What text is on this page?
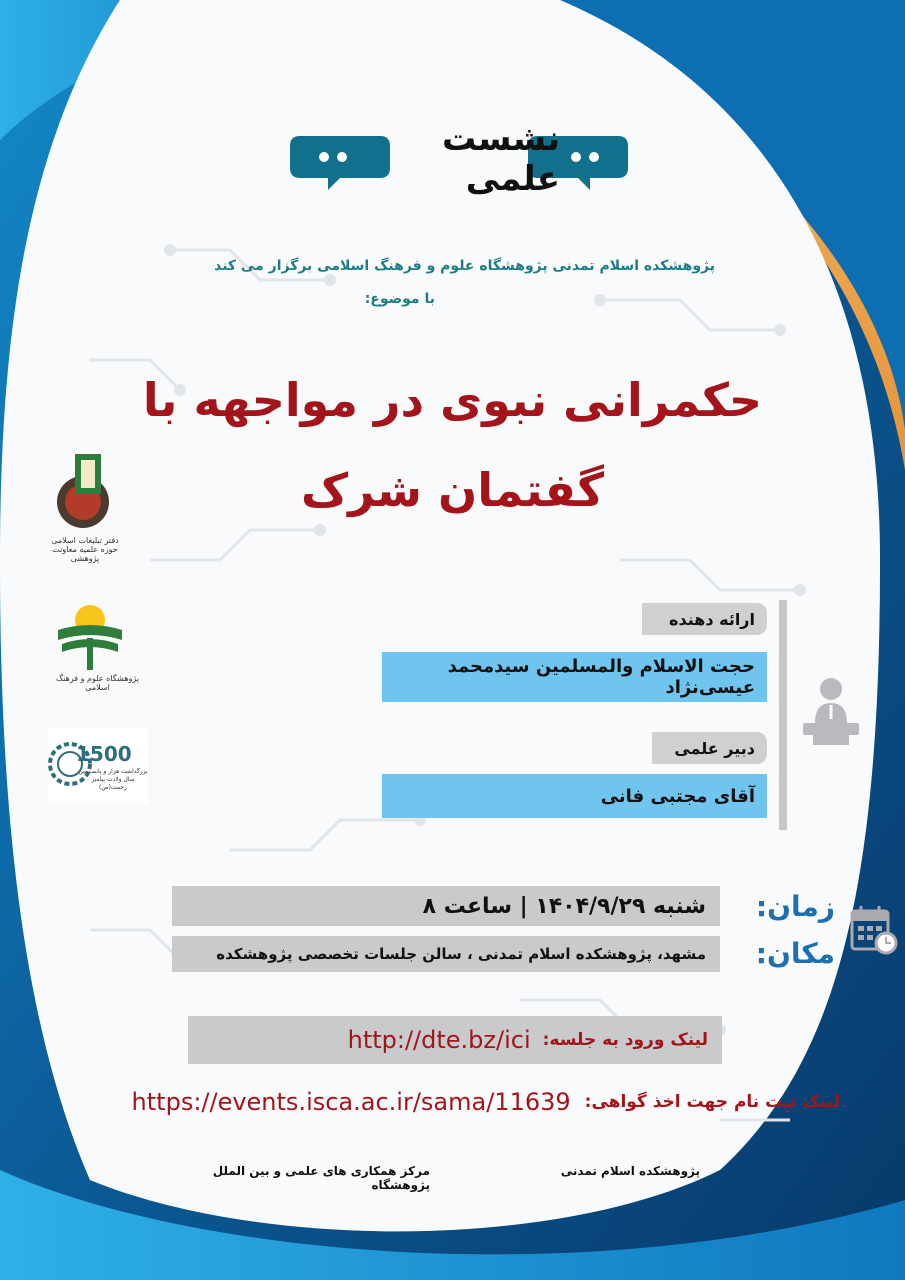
نشست علمی
پژوهشکده اسلام تمدنی پژوهشگاه علوم و فرهنگ اسلامی برگزار می کند
با موضوع:
حکمرانی نبوی در مواجهه با
گفتمان شرک
دفتر تبلیغات اسلامی حوزه علمیه معاونت پژوهشی
پژوهشگاه علوم و فرهنگ اسلامی
1500
بزرگداشت هزار و پانصدمین سال ولادت پیامبر رحمت(ص)
ارائه دهنده
حجت الاسلام والمسلمین سیدمحمد عیسی‌نژاد
دبیر علمی
آقای مجتبی فانی
شنبه ۱۴۰۴/۹/۲۹ | ساعت ۸	زمان:
مشهد، پژوهشکده اسلام تمدنی ، سالن جلسات تخصصی پژوهشکده	مکان:
لینک ورود به جلسه:
http://dte.bz/ici
لینک ثبت نام جهت اخذ گواهی:
https://events.isca.ac.ir/sama/11639
پژوهشکده اسلام تمدنی
مرکز همکاری های علمی و بین الملل پژوهشگاه
